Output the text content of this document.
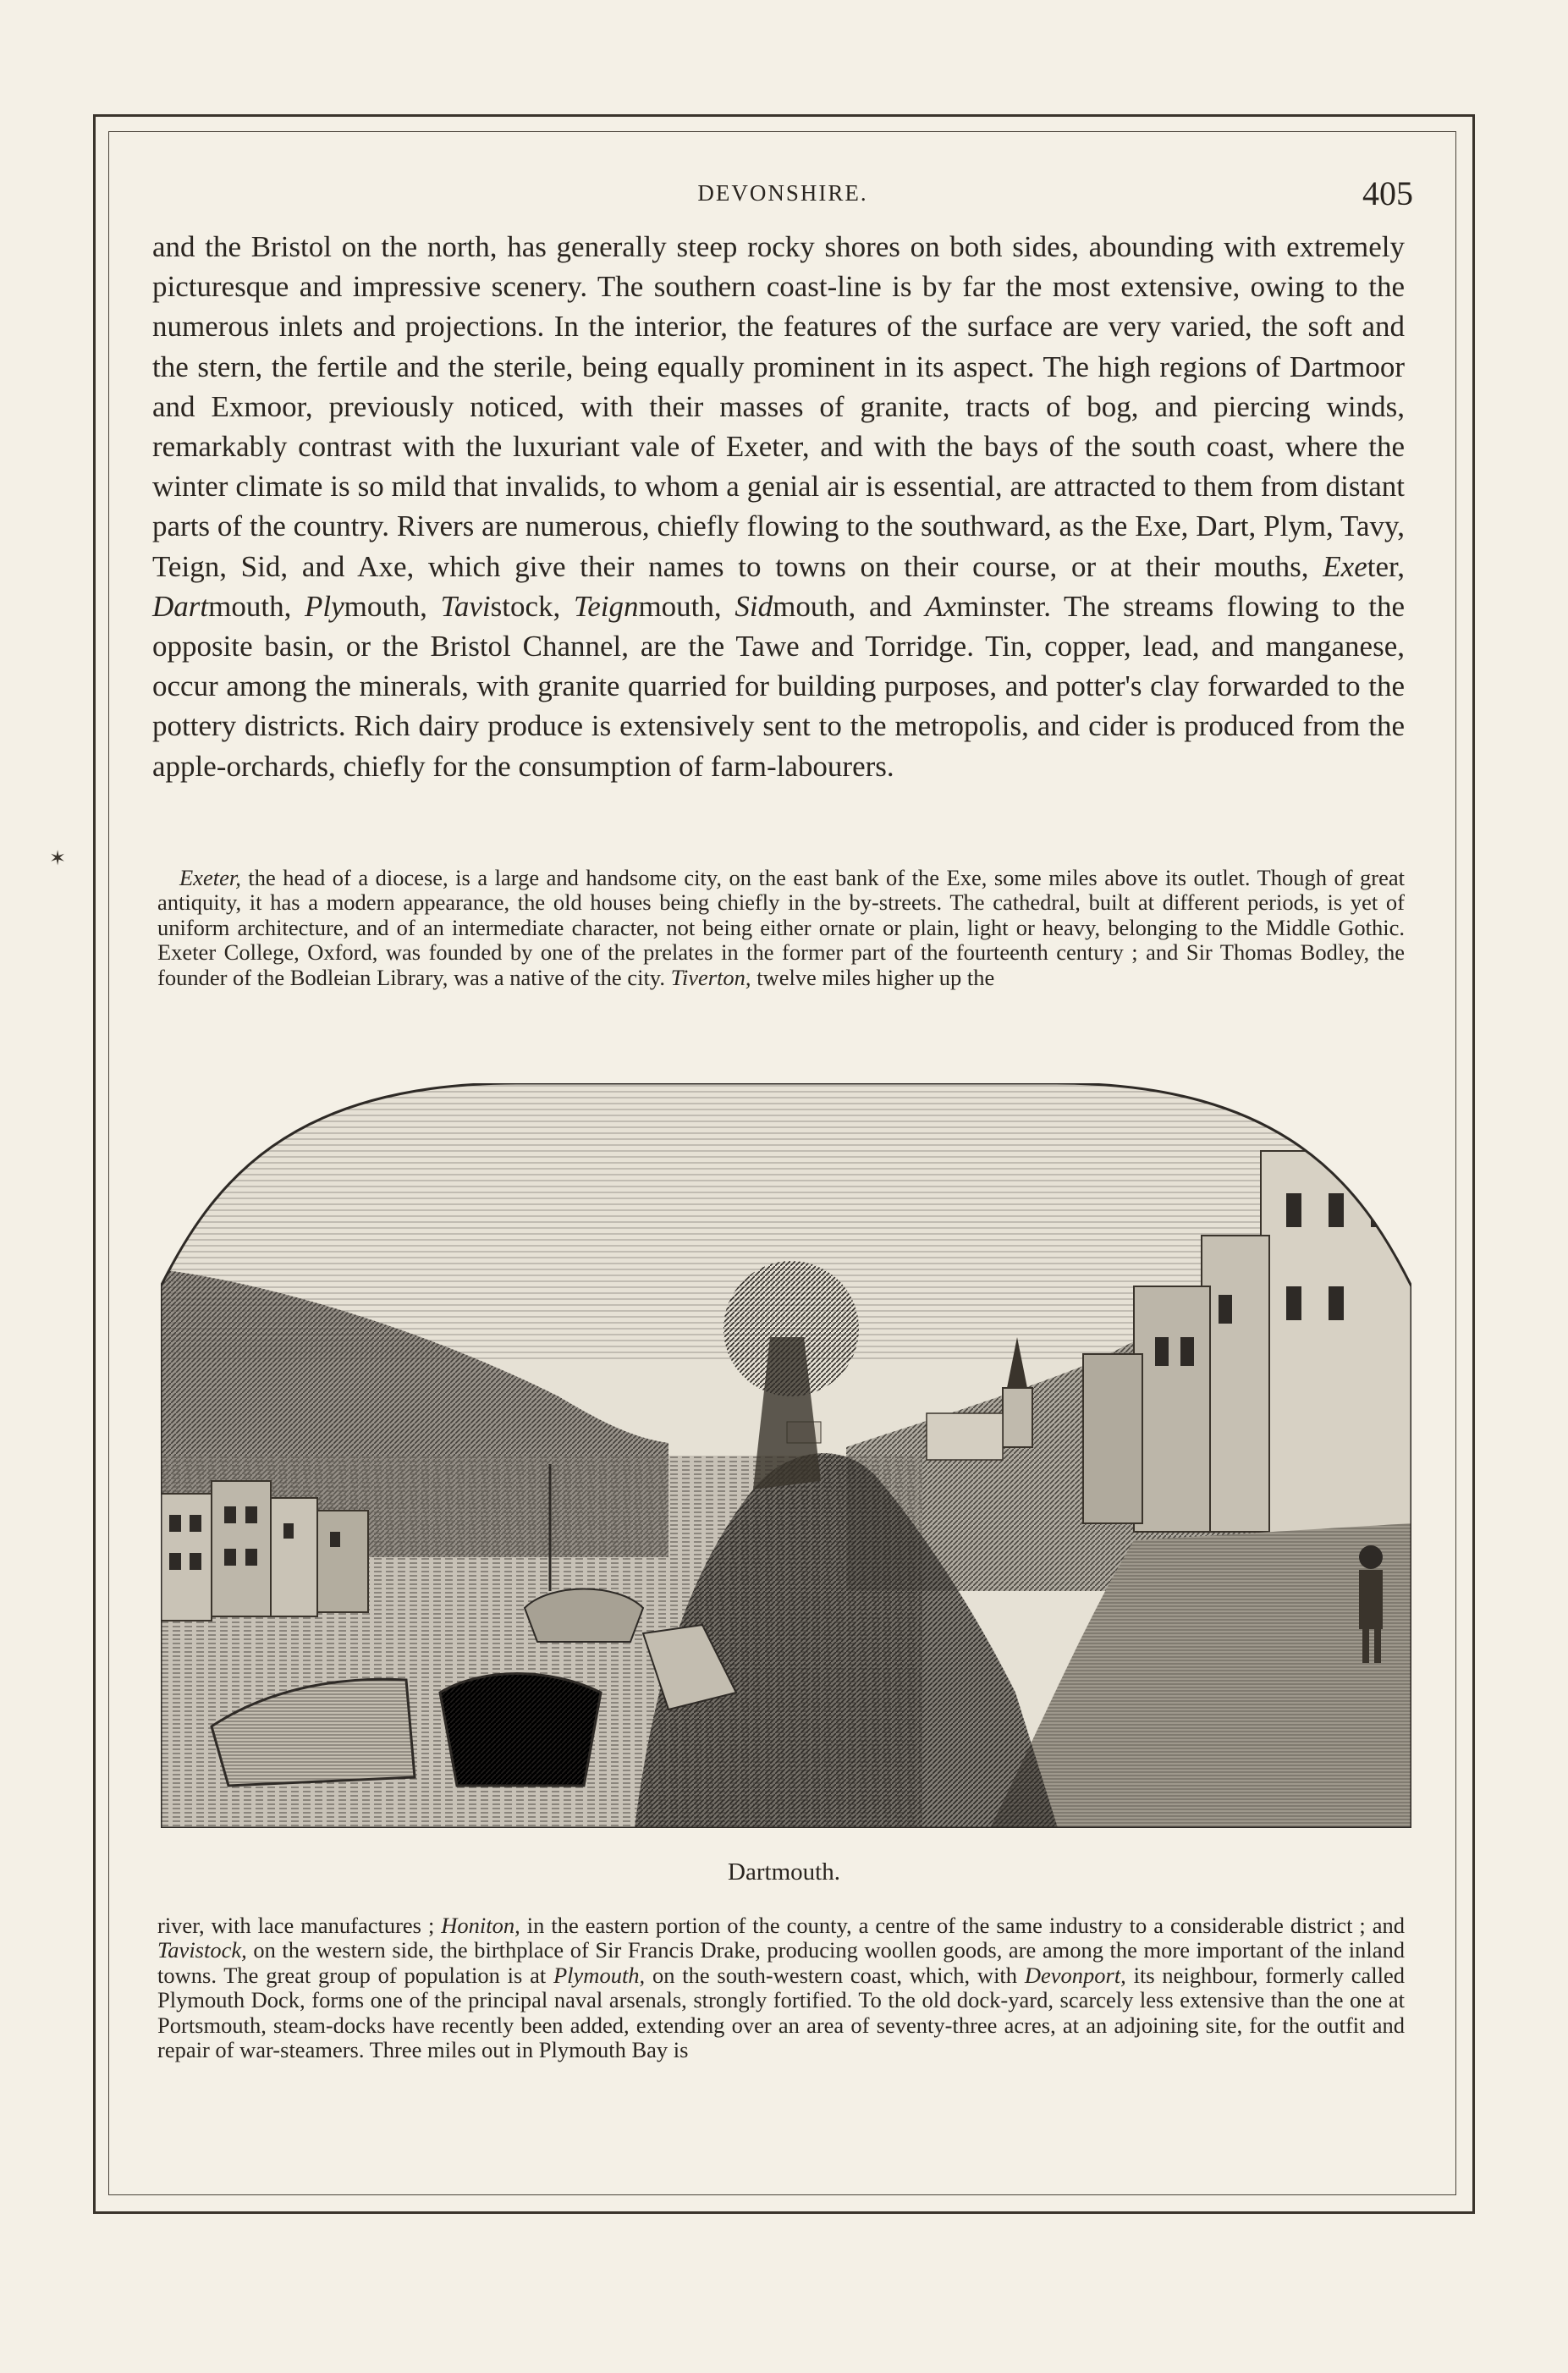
✶
DEVONSHIRE.	405

and the Bristol on the north, has generally steep rocky shores on both sides, abounding with extremely picturesque and impressive scenery. The southern coast-line is by far the most extensive, owing to the numerous inlets and projections. In the interior, the features of the surface are very varied, the soft and the stern, the fertile and the sterile, being equally prominent in its aspect. The high regions of Dartmoor and Exmoor, previously noticed, with their masses of granite, tracts of bog, and piercing winds, remarkably contrast with the luxuriant vale of Exeter, and with the bays of the south coast, where the winter climate is so mild that invalids, to whom a genial air is essential, are attracted to them from distant parts of the country. Rivers are numerous, chiefly flowing to the southward, as the Exe, Dart, Plym, Tavy, Teign, Sid, and Axe, which give their names to towns on their course, or at their mouths, Exeter, Dartmouth, Plymouth, Tavistock, Teignmouth, Sidmouth, and Axminster. The streams flowing to the opposite basin, or the Bristol Channel, are the Tawe and Torridge. Tin, copper, lead, and manganese, occur among the minerals, with granite quarried for building purposes, and potter's clay forwarded to the pottery districts. Rich dairy produce is extensively sent to the metropolis, and cider is produced from the apple-orchards, chiefly for the consumption of farm-labourers.

Exeter, the head of a diocese, is a large and handsome city, on the east bank of the Exe, some miles above its outlet. Though of great antiquity, it has a modern appearance, the old houses being chiefly in the by-streets. The cathedral, built at different periods, is yet of uniform architecture, and of an intermediate character, not being either ornate or plain, light or heavy, belonging to the Middle Gothic. Exeter College, Oxford, was founded by one of the prelates in the former part of the fourteenth century ; and Sir Thomas Bodley, the founder of the Bodleian Library, was a native of the city. Tiverton, twelve miles higher up the

Dartmouth.

river, with lace manufactures ; Honiton, in the eastern portion of the county, a centre of the same industry to a considerable district ; and Tavistock, on the western side, the birthplace of Sir Francis Drake, producing woollen goods, are among the more important of the inland towns. The great group of population is at Plymouth, on the south-western coast, which, with Devonport, its neighbour, formerly called Plymouth Dock, forms one of the principal naval arsenals, strongly fortified. To the old dock-yard, scarcely less extensive than the one at Portsmouth, steam-docks have recently been added, extending over an area of seventy-three acres, at an adjoining site, for the outfit and repair of war-steamers. Three miles out in Plymouth Bay is
